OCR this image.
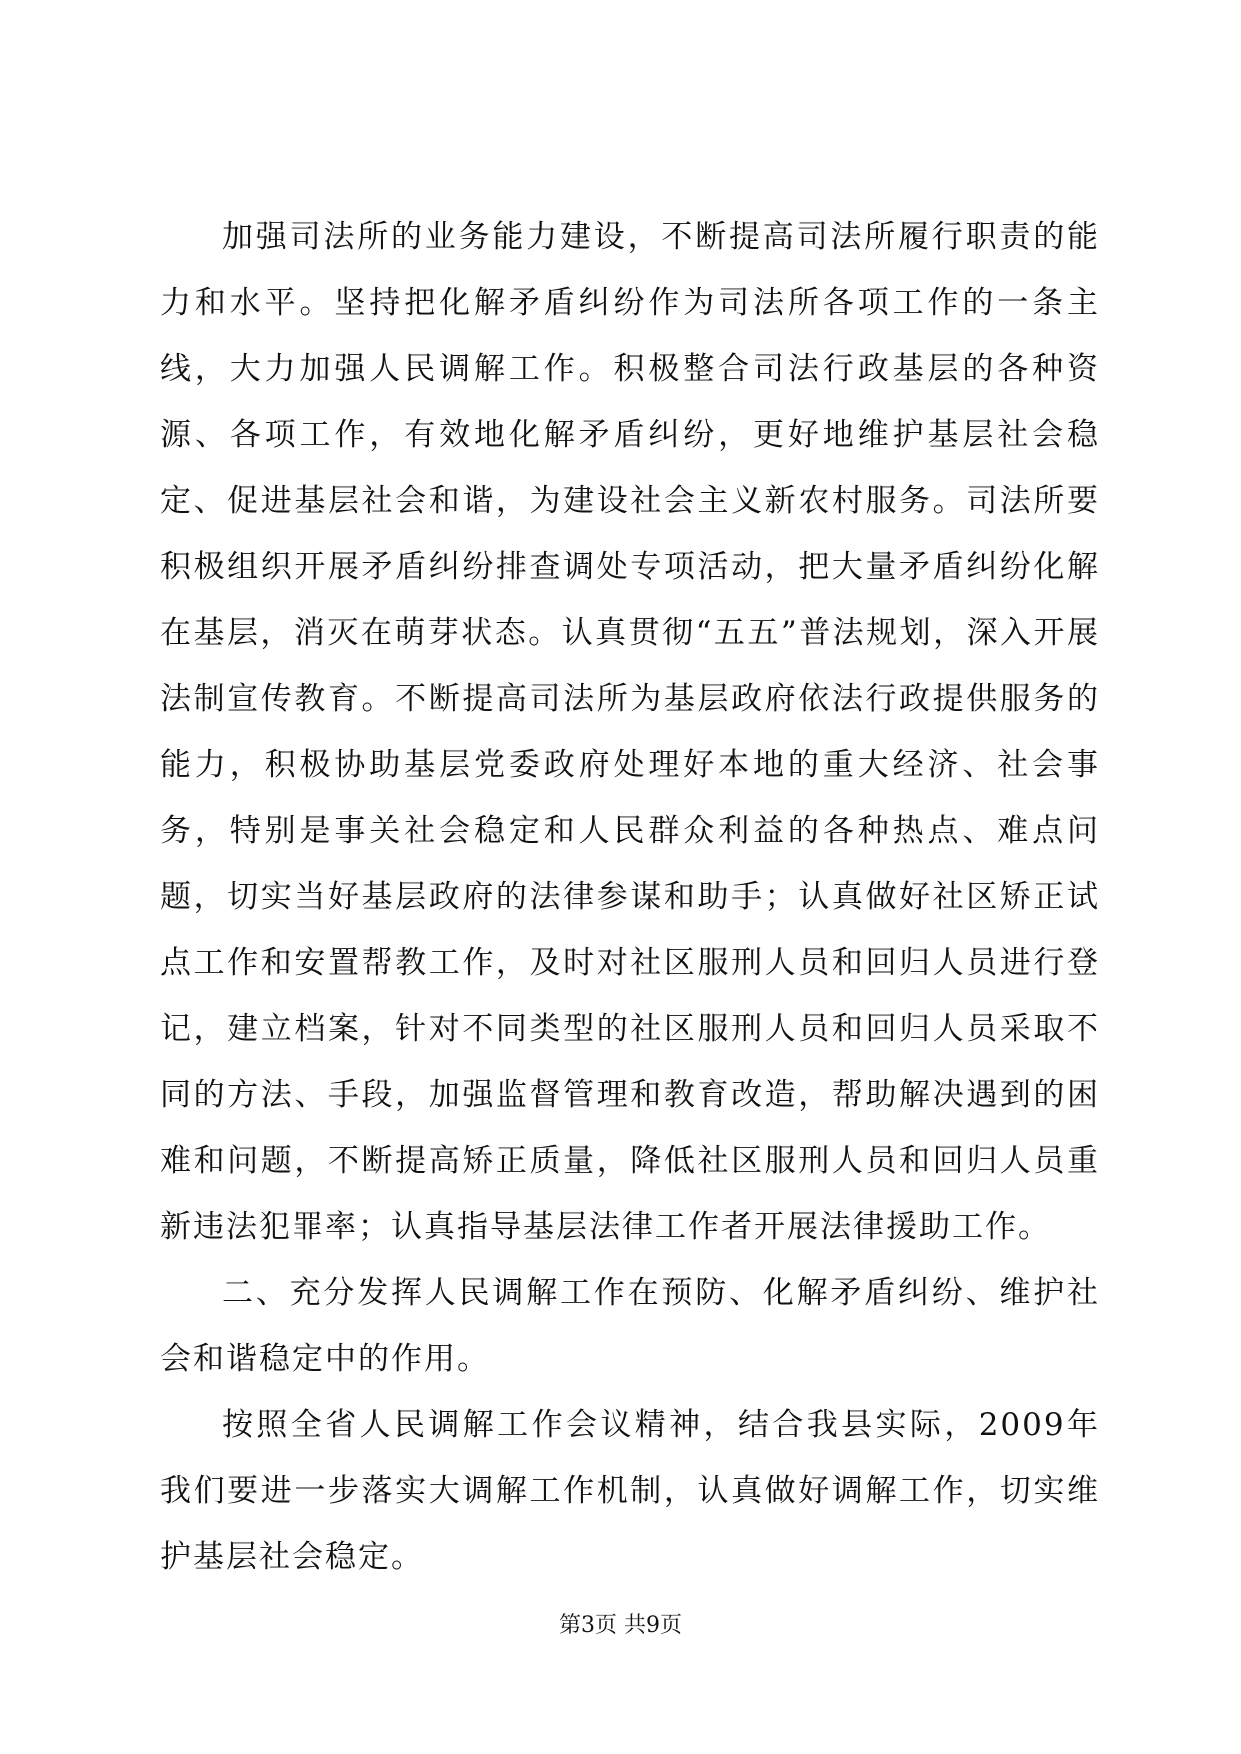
加强司法所的业务能力建设，不断提高司法所履行职责的能力和水平。坚持把化解矛盾纠纷作为司法所各项工作的一条主线，大力加强人民调解工作。积极整合司法行政基层的各种资源、各项工作，有效地化解矛盾纠纷，更好地维护基层社会稳定、促进基层社会和谐，为建设社会主义新农村服务。司法所要积极组织开展矛盾纠纷排查调处专项活动，把大量矛盾纠纷化解在基层，消灭在萌芽状态。认真贯彻“五五”普法规划，深入开展法制宣传教育。不断提高司法所为基层政府依法行政提供服务的能力，积极协助基层党委政府处理好本地的重大经济、社会事务，特别是事关社会稳定和人民群众利益的各种热点、难点问题，切实当好基层政府的法律参谋和助手；认真做好社区矫正试点工作和安置帮教工作，及时对社区服刑人员和回归人员进行登记，建立档案，针对不同类型的社区服刑人员和回归人员采取不同的方法、手段，加强监督管理和教育改造，帮助解决遇到的困难和问题，不断提高矫正质量，降低社区服刑人员和回归人员重新违法犯罪率；认真指导基层法律工作者开展法律援助工作。

二、充分发挥人民调解工作在预防、化解矛盾纠纷、维护社会和谐稳定中的作用。

按照全省人民调解工作会议精神，结合我县实际，2009年我们要进一步落实大调解工作机制，认真做好调解工作，切实维护基层社会稳定。

第3页 共9页
